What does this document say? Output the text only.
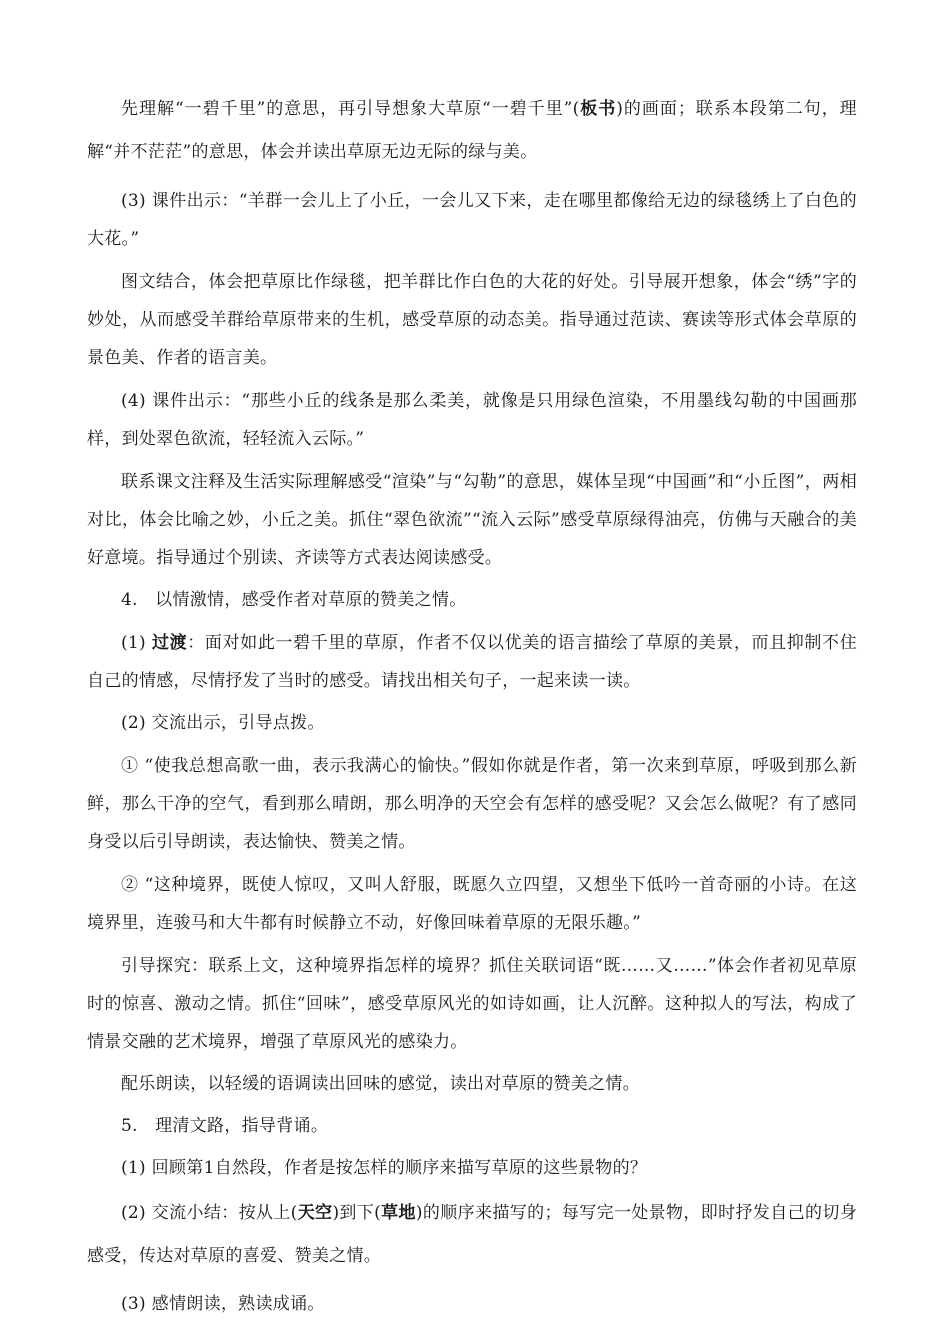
先理解“一碧千里”的意思，再引导想象大草原“一碧千里”(板书)的画面；联系本段第二句，理解“并不茫茫”的意思，体会并读出草原无边无际的绿与美。

(3) 课件出示：“羊群一会儿上了小丘，一会儿又下来，走在哪里都像给无边的绿毯绣上了白色的大花。”

图文结合，体会把草原比作绿毯，把羊群比作白色的大花的好处。引导展开想象，体会“绣”字的妙处，从而感受羊群给草原带来的生机，感受草原的动态美。指导通过范读、赛读等形式体会草原的景色美、作者的语言美。

(4) 课件出示：“那些小丘的线条是那么柔美，就像是只用绿色渲染，不用墨线勾勒的中国画那样，到处翠色欲流，轻轻流入云际。”

联系课文注释及生活实际理解感受“渲染”与“勾勒”的意思，媒体呈现“中国画”和“小丘图”，两相对比，体会比喻之妙，小丘之美。抓住“翠色欲流”“流入云际”感受草原绿得油亮，仿佛与天融合的美好意境。指导通过个别读、齐读等方式表达阅读感受。

4.　以情激情，感受作者对草原的赞美之情。

(1) 过渡：面对如此一碧千里的草原，作者不仅以优美的语言描绘了草原的美景，而且抑制不住自己的情感，尽情抒发了当时的感受。请找出相关句子，一起来读一读。

(2) 交流出示，引导点拨。

① “使我总想高歌一曲，表示我满心的愉快。”假如你就是作者，第一次来到草原，呼吸到那么新鲜，那么干净的空气，看到那么晴朗，那么明净的天空会有怎样的感受呢？又会怎么做呢？有了感同身受以后引导朗读，表达愉快、赞美之情。

② “这种境界，既使人惊叹，又叫人舒服，既愿久立四望，又想坐下低吟一首奇丽的小诗。在这境界里，连骏马和大牛都有时候静立不动，好像回味着草原的无限乐趣。”

引导探究：联系上文，这种境界指怎样的境界？抓住关联词语“既……又……”体会作者初见草原时的惊喜、激动之情。抓住“回味”，感受草原风光的如诗如画，让人沉醉。这种拟人的写法，构成了情景交融的艺术境界，增强了草原风光的感染力。

配乐朗读，以轻缓的语调读出回味的感觉，读出对草原的赞美之情。

5.　理清文路，指导背诵。

(1) 回顾第1自然段，作者是按怎样的顺序来描写草原的这些景物的？

(2) 交流小结：按从上(天空)到下(草地)的顺序来描写的；每写完一处景物，即时抒发自己的切身感受，传达对草原的喜爱、赞美之情。

(3) 感情朗读，熟读成诵。
